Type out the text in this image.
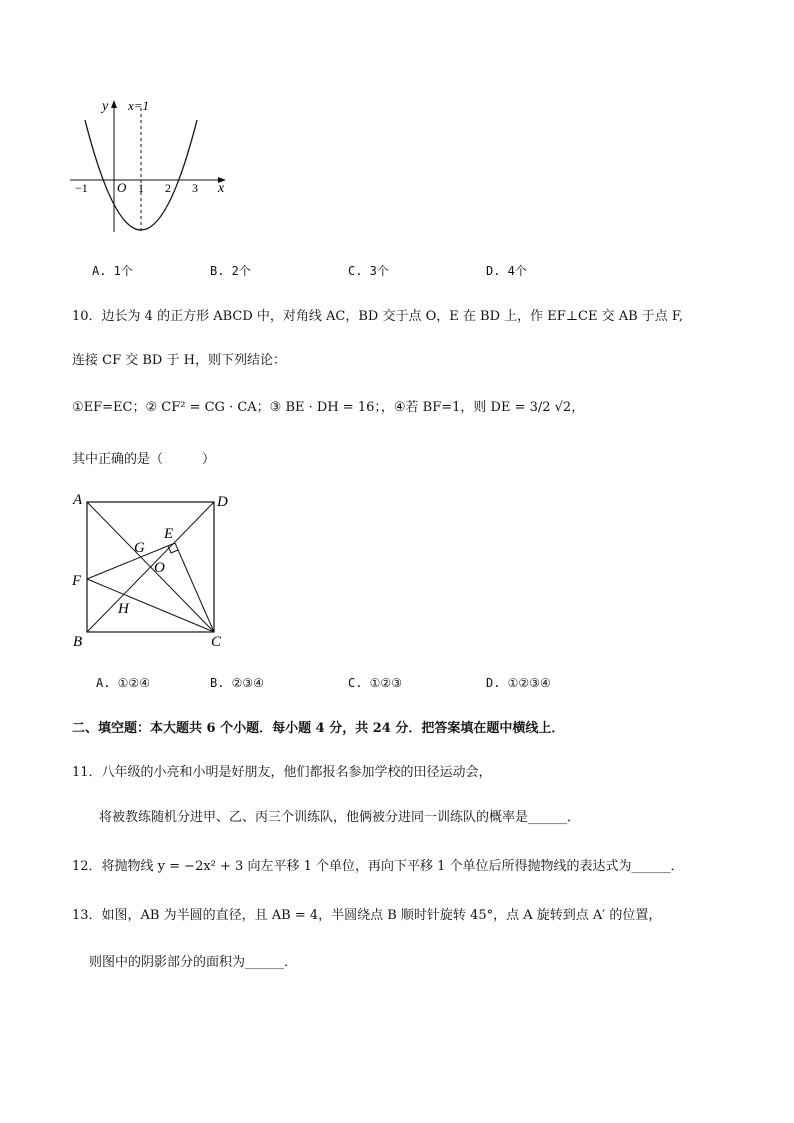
y x=1
x
O
−1	1 2 3
A. 1个	B. 2个	C. 3个	D. 4个
10．边长为 4 的正方形 ABCD 中，对角线 AC，BD 交于点 O，E 在 BD 上，作 EF⊥CE 交 AB 于点 F,
连接 CF 交 BD 于 H，则下列结论：
①EF=EC；② CF² = CG · CA；③ BE · DH = 16；，④若 BF=1，则 DE = 3/2 √2，
其中正确的是（　　　）
A	D
B	C
E
G
O
F
H
A. ①②④	B. ②③④	C. ①②③	D. ①②③④
二、填空题：本大题共 6 个小题．每小题 4 分，共 24 分．把答案填在题中横线上．
11．八年级的小亮和小明是好朋友，他们都报名参加学校的田径运动会，
将被教练随机分进甲、乙、丙三个训练队，他俩被分进同一训练队的概率是______．
12．将抛物线 y = −2x² + 3 向左平移 1 个单位，再向下平移 1 个单位后所得抛物线的表达式为______．
13．如图，AB 为半圆的直径，且 AB = 4，半圆绕点 B 顺时针旋转 45°，点 A 旋转到点 A′ 的位置，
则图中的阴影部分的面积为______．
